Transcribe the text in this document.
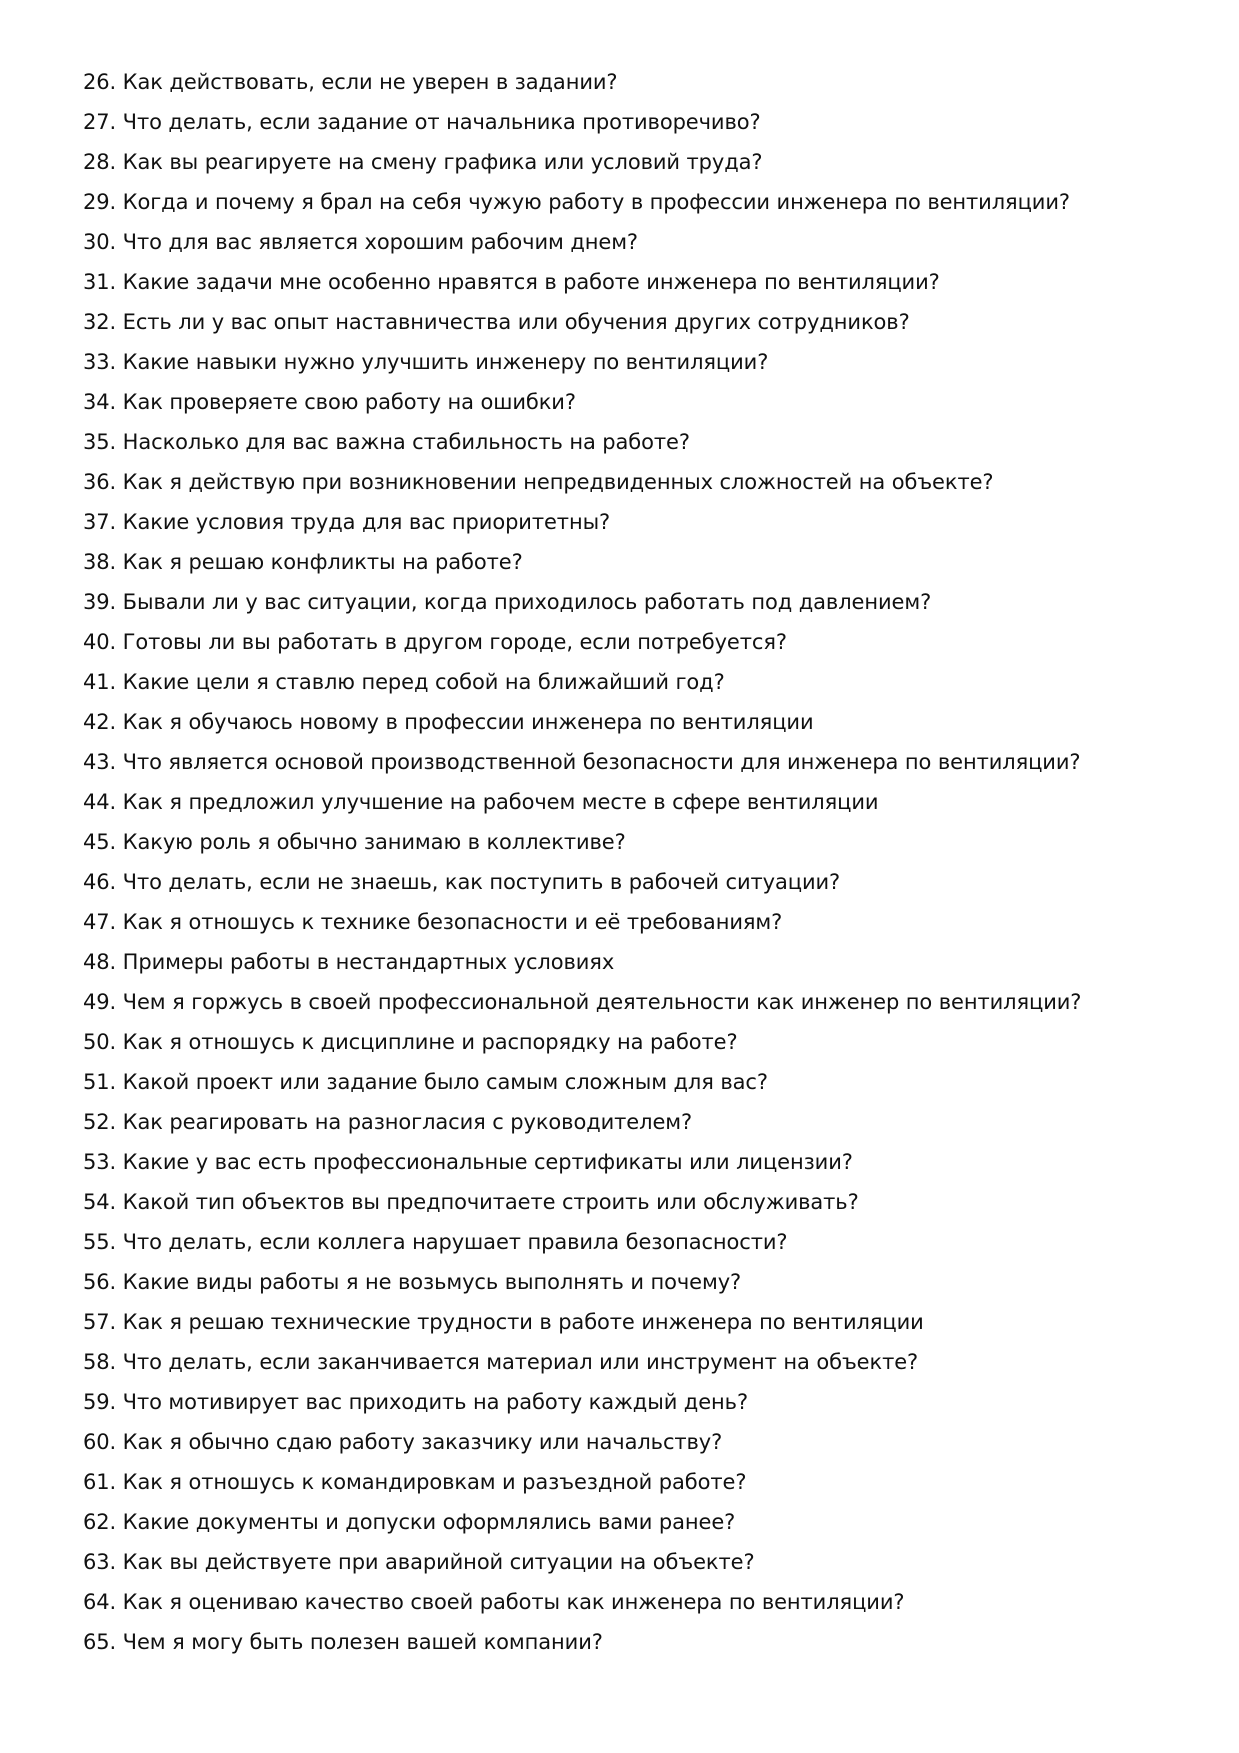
26. Как действовать, если не уверен в задании?
27. Что делать, если задание от начальника противоречиво?
28. Как вы реагируете на смену графика или условий труда?
29. Когда и почему я брал на себя чужую работу в профессии инженера по вентиляции?
30. Что для вас является хорошим рабочим днем?
31. Какие задачи мне особенно нравятся в работе инженера по вентиляции?
32. Есть ли у вас опыт наставничества или обучения других сотрудников?
33. Какие навыки нужно улучшить инженеру по вентиляции?
34. Как проверяете свою работу на ошибки?
35. Насколько для вас важна стабильность на работе?
36. Как я действую при возникновении непредвиденных сложностей на объекте?
37. Какие условия труда для вас приоритетны?
38. Как я решаю конфликты на работе?
39. Бывали ли у вас ситуации, когда приходилось работать под давлением?
40. Готовы ли вы работать в другом городе, если потребуется?
41. Какие цели я ставлю перед собой на ближайший год?
42. Как я обучаюсь новому в профессии инженера по вентиляции
43. Что является основой производственной безопасности для инженера по вентиляции?
44. Как я предложил улучшение на рабочем месте в сфере вентиляции
45. Какую роль я обычно занимаю в коллективе?
46. Что делать, если не знаешь, как поступить в рабочей ситуации?
47. Как я отношусь к технике безопасности и её требованиям?
48. Примеры работы в нестандартных условиях
49. Чем я горжусь в своей профессиональной деятельности как инженер по вентиляции?
50. Как я отношусь к дисциплине и распорядку на работе?
51. Какой проект или задание было самым сложным для вас?
52. Как реагировать на разногласия с руководителем?
53. Какие у вас есть профессиональные сертификаты или лицензии?
54. Какой тип объектов вы предпочитаете строить или обслуживать?
55. Что делать, если коллега нарушает правила безопасности?
56. Какие виды работы я не возьмусь выполнять и почему?
57. Как я решаю технические трудности в работе инженера по вентиляции
58. Что делать, если заканчивается материал или инструмент на объекте?
59. Что мотивирует вас приходить на работу каждый день?
60. Как я обычно сдаю работу заказчику или начальству?
61. Как я отношусь к командировкам и разъездной работе?
62. Какие документы и допуски оформлялись вами ранее?
63. Как вы действуете при аварийной ситуации на объекте?
64. Как я оцениваю качество своей работы как инженера по вентиляции?
65. Чем я могу быть полезен вашей компании?
